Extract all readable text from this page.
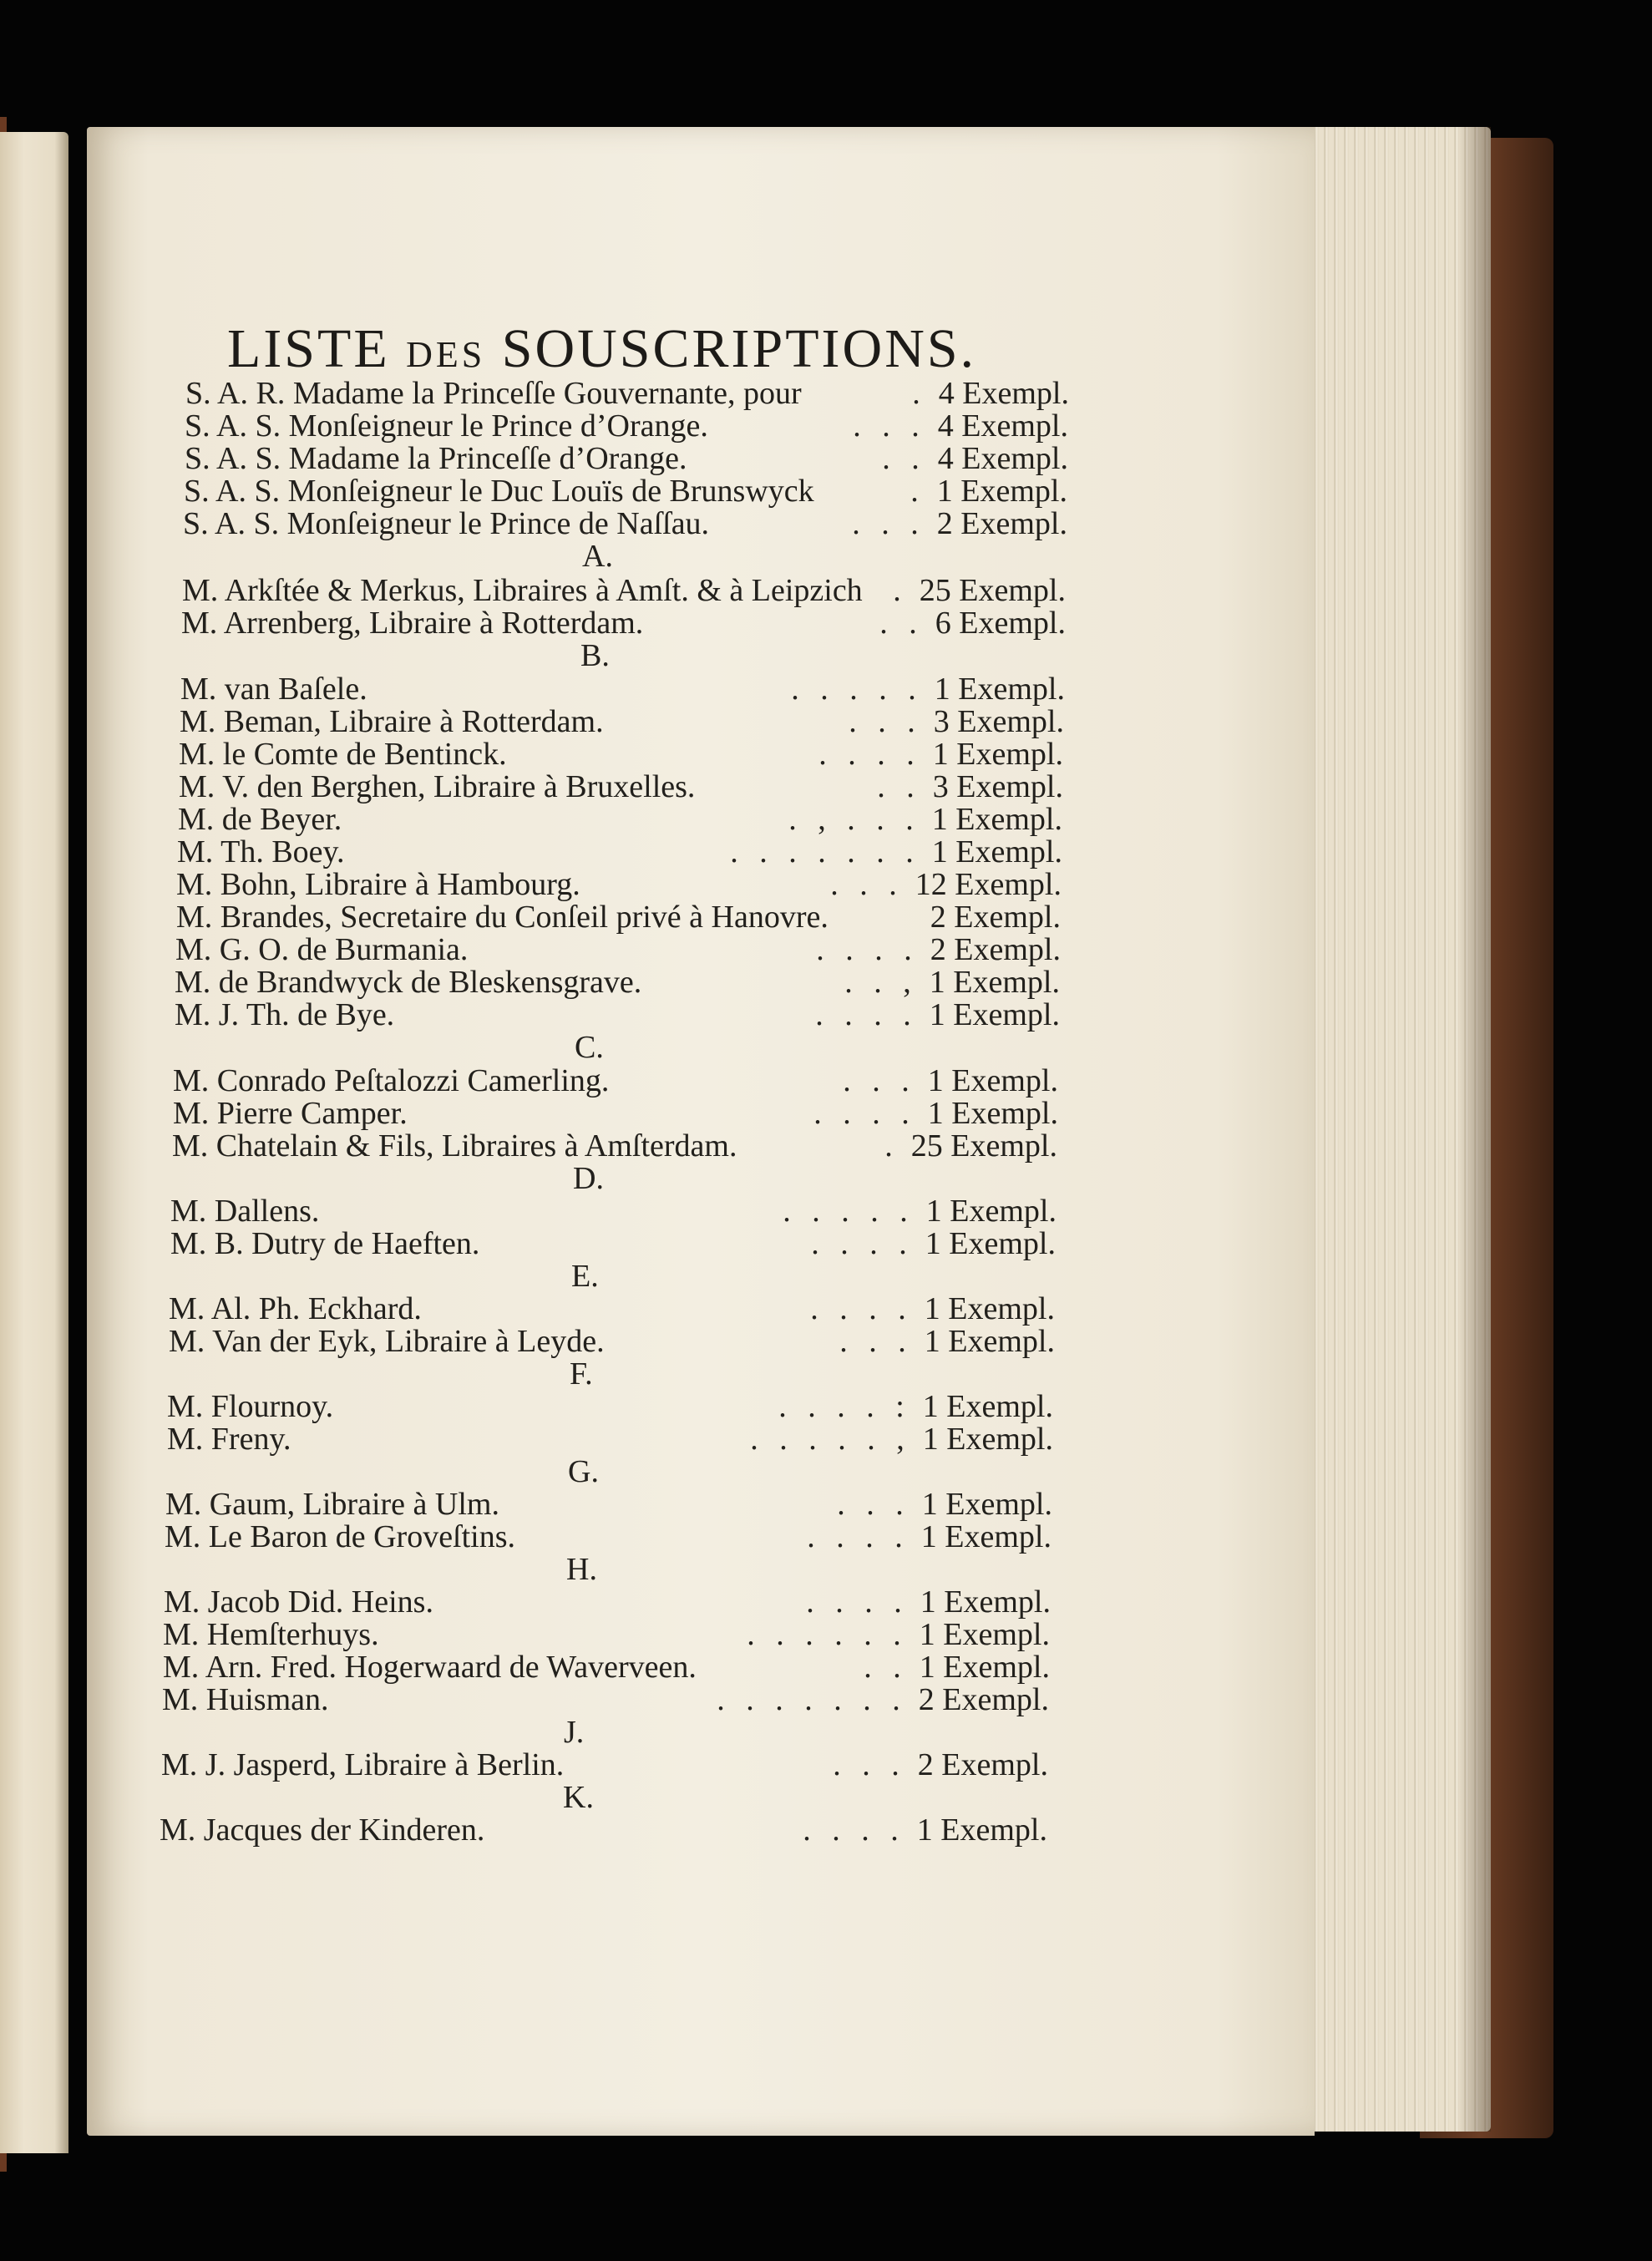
LISTE DES SOUSCRIPTIONS.
S. A. R. Madame la Princeſſe Gouvernante, pour	. 4 Exempl.
S. A. S. Monſeigneur le Prince d’Orange.	. . . 4 Exempl.
S. A. S. Madame la Princeſſe d’Orange.	. . 4 Exempl.
S. A. S. Monſeigneur le Duc Louïs de Brunswyck	. 1 Exempl.
S. A. S. Monſeigneur le Prince de Naſſau.	. . . 2 Exempl.
A.
M. Arkſtée & Merkus, Libraires à Amſt. & à Leipzich . 25 Exempl.
M. Arrenberg, Libraire à Rotterdam.	. . 6 Exempl.
B.
M. van Baſele.	. . . . . 1 Exempl.
M. Beman, Libraire à Rotterdam.	. . . 3 Exempl.
M. le Comte de Bentinck.	. . . . 1 Exempl.
M. V. den Berghen, Libraire à Bruxelles.	. . 3 Exempl.
M. de Beyer.	. , . . . 1 Exempl.
M. Th. Boey.	. . . . . . . 1 Exempl.
M. Bohn, Libraire à Hambourg.	. . . 12 Exempl.
M. Brandes, Secretaire du Conſeil privé à Hanovre.	2 Exempl.
M. G. O. de Burmania.	. . . . 2 Exempl.
M. de Brandwyck de Bleskensgrave.	. . , 1 Exempl.
M. J. Th. de Bye.	. . . . 1 Exempl.
C.
M. Conrado Peſtalozzi Camerling.	. . . 1 Exempl.
M. Pierre Camper.	. . . . 1 Exempl.
M. Chatelain & Fils, Libraires à Amſterdam.	. 25 Exempl.
D.
M. Dallens.	. . . . . 1 Exempl.
M. B. Dutry de Haeften.	. . . . 1 Exempl.
E.
M. Al. Ph. Eckhard.	. . . . 1 Exempl.
M. Van der Eyk, Libraire à Leyde.	. . . 1 Exempl.
F.
M. Flournoy.	. . . . : 1 Exempl.
M. Freny.	. . . . . , 1 Exempl.
G.
M. Gaum, Libraire à Ulm.	. . . 1 Exempl.
M. Le Baron de Groveſtins.	. . . . 1 Exempl.
H.
M. Jacob Did. Heins.	. . . . 1 Exempl.
M. Hemſterhuys.	. . . . . . 1 Exempl.
M. Arn. Fred. Hogerwaard de Waverveen.	. . 1 Exempl.
M. Huisman.	. . . . . . . 2 Exempl.
J.
M. J. Jasperd, Libraire à Berlin.	. . . 2 Exempl.
K.
M. Jacques der Kinderen.	. . . . 1 Exempl.
